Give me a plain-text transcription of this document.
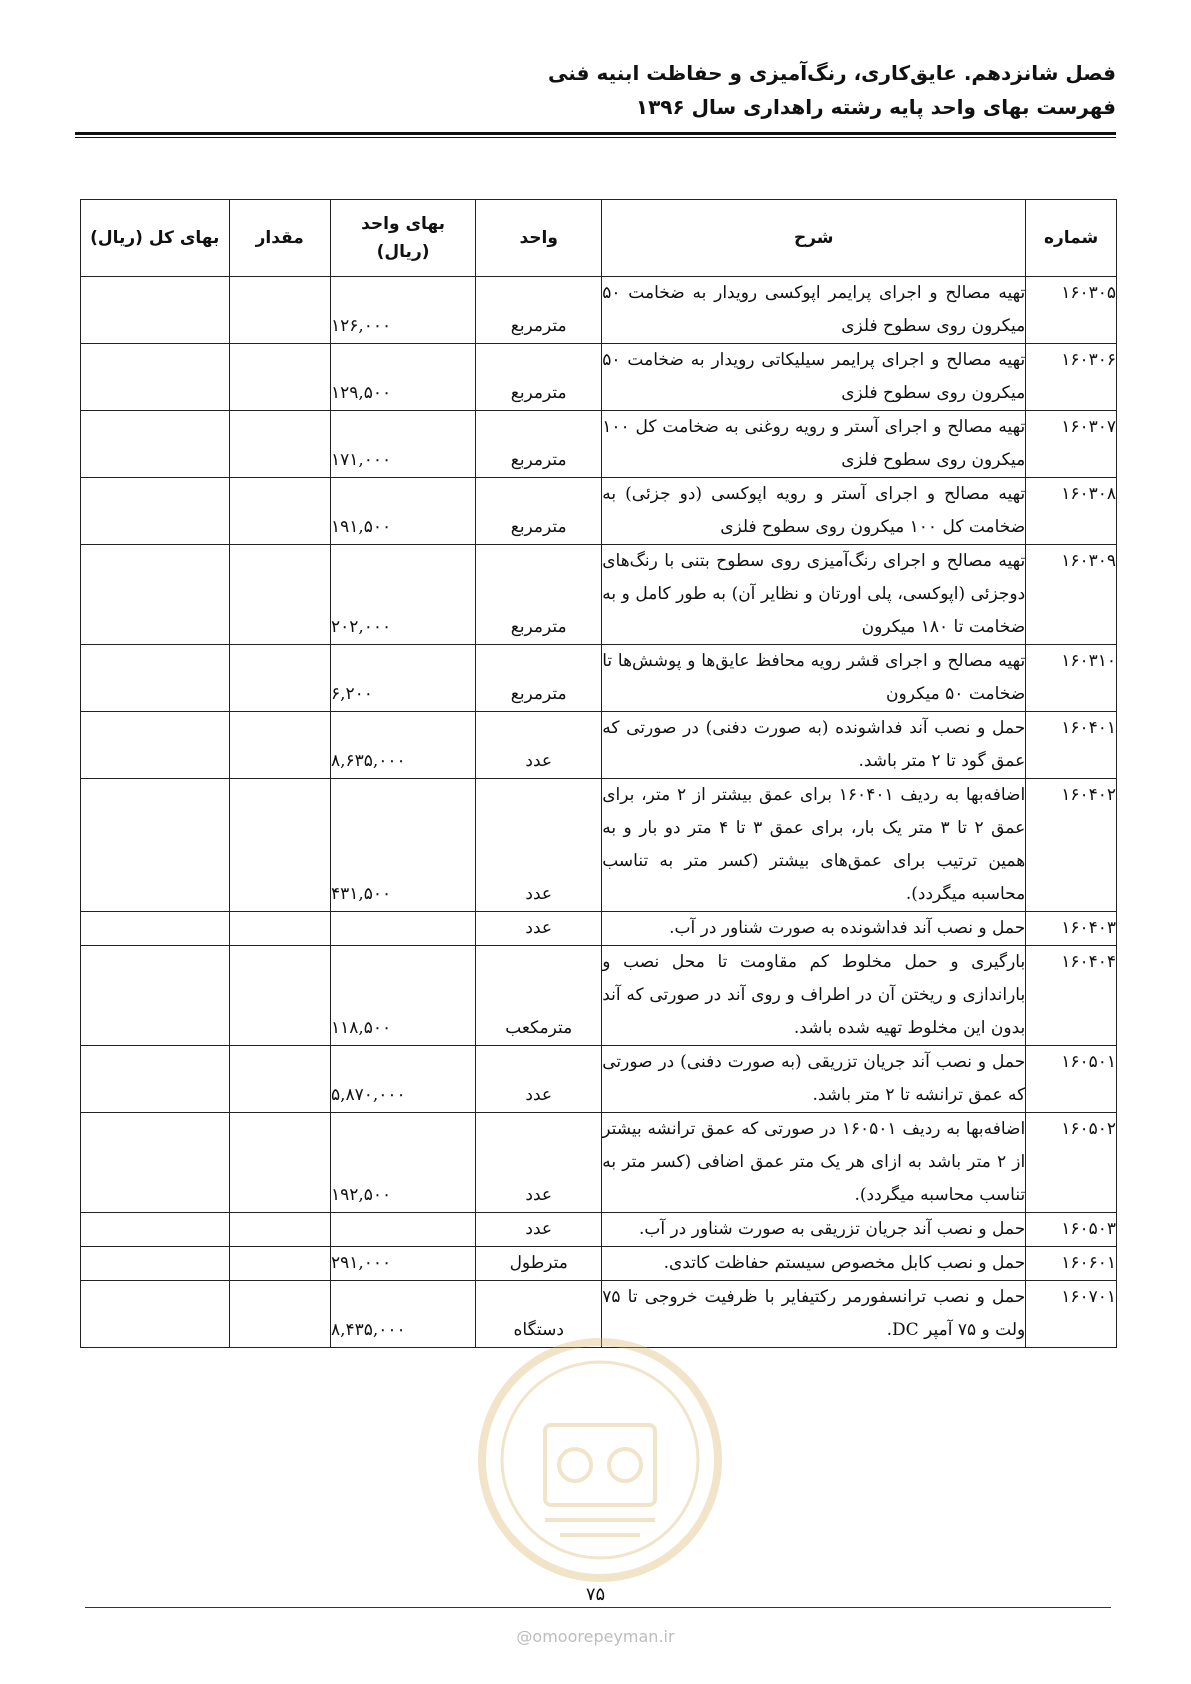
فصل شانزدهم. عایق‌کاری، رنگ‌آمیزی و حفاظت ابنیه فنی
فهرست بهای واحد پایه رشته راهداری سال ۱۳۹۶
شماره	شرح	واحد	بهای واحد
(ریال)	مقدار	بهای کل (ریال)
۱۶۰۳۰۵	تهیه مصالح و اجرای پرایمر اپوکسی رویدار به ضخامت ۵۰ میکرون روی سطوح فلزی	مترمربع	۱۲۶,۰۰۰		
۱۶۰۳۰۶	تهیه مصالح و اجرای پرایمر سیلیکاتی رویدار به ضخامت ۵۰ میکرون روی سطوح فلزی	مترمربع	۱۲۹,۵۰۰		
۱۶۰۳۰۷	تهیه مصالح و اجرای آستر و رویه روغنی به ضخامت کل ۱۰۰ میکرون روی سطوح فلزی	مترمربع	۱۷۱,۰۰۰		
۱۶۰۳۰۸	تهیه مصالح و اجرای آستر و رویه اپوکسی (دو جزئی) به ضخامت کل ۱۰۰ میکرون روی سطوح فلزی	مترمربع	۱۹۱,۵۰۰		
۱۶۰۳۰۹	تهیه مصالح و اجرای رنگ‌آمیزی روی سطوح بتنی با رنگ‌های دوجزئی (اپوکسی، پلی اورتان و نظایر آن) به طور کامل و به ضخامت تا ۱۸۰ میکرون	مترمربع	۲۰۲,۰۰۰		
۱۶۰۳۱۰	تهیه مصالح و اجرای قشر رویه محافظ عایق‌ها و پوشش‌ها تا ضخامت ۵۰ میکرون	مترمربع	۶,۲۰۰		
۱۶۰۴۰۱	حمل و نصب آند فداشونده (به صورت دفنی) در صورتی که عمق گود تا ۲ متر باشد.	عدد	۸,۶۳۵,۰۰۰		
۱۶۰۴۰۲	اضافه‌بها به ردیف ۱۶۰۴۰۱ برای عمق بیشتر از ۲ متر، برای عمق ۲ تا ۳ متر یک بار، برای عمق ۳ تا ۴ متر دو بار و به همین ترتیب برای عمق‌های بیشتر (کسر متر به تناسب محاسبه میگردد).	عدد	۴۳۱,۵۰۰		
۱۶۰۴۰۳	حمل و نصب آند فداشونده به صورت شناور در آب.	عدد			
۱۶۰۴۰۴	بارگیری و حمل مخلوط کم مقاومت تا محل نصب و باراندازی و ریختن آن در اطراف و روی آند در صورتی که آند بدون این مخلوط تهیه شده باشد.	مترمکعب	۱۱۸,۵۰۰		
۱۶۰۵۰۱	حمل و نصب آند جریان تزریقی (به صورت دفنی) در صورتی که عمق ترانشه تا ۲ متر باشد.	عدد	۵,۸۷۰,۰۰۰		
۱۶۰۵۰۲	اضافه‌بها به ردیف ۱۶۰۵۰۱ در صورتی که عمق ترانشه بیشتر از ۲ متر باشد به ازای هر یک متر عمق اضافی (کسر متر به تناسب محاسبه میگردد).	عدد	۱۹۲,۵۰۰		
۱۶۰۵۰۳	حمل و نصب آند جریان تزریقی به صورت شناور در آب.	عدد			
۱۶۰۶۰۱	حمل و نصب کابل مخصوص سیستم حفاظت کاتدی.	مترطول	۲۹۱,۰۰۰		
۱۶۰۷۰۱	حمل و نصب ترانسفورمر رکتیفایر با ظرفیت خروجی تا ۷۵ ولت و ۷۵ آمپر DC.	دستگاه	۸,۴۳۵,۰۰۰		
۷۵
@omoorepeyman.ir
